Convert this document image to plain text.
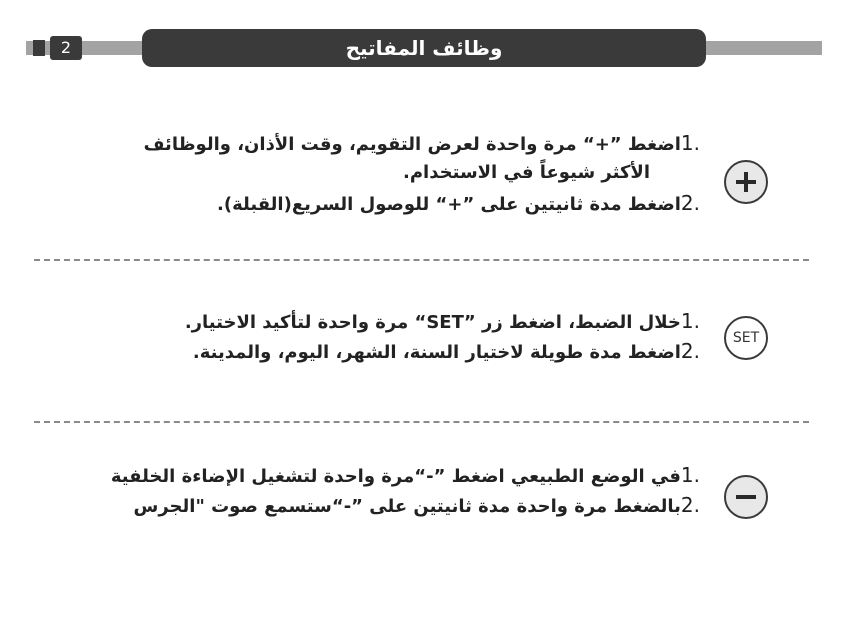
2	وظائف المفاتيح
.1اضغط ”+“ مرة واحدة لعرض التقويم، وقت الأذان، والوظائف
الأكثر شيوعاً في الاستخدام.
.2اضغط مدة ثانيتين على ”+“ للوصول السريع(القبلة).
.1خلال الضبط، اضغط زر ”SET“ مرة واحدة لتأكيد الاختيار.
.2اضغط مدة طويلة لاختيار السنة، الشهر، اليوم، والمدينة.
SET
.1في الوضع الطبيعي اضغط ”-“مرة واحدة لتشغيل الإضاءة الخلفية
.2بالضغط مرة واحدة مدة ثانيتين على ”-“ستسمع صوت "الجرس
